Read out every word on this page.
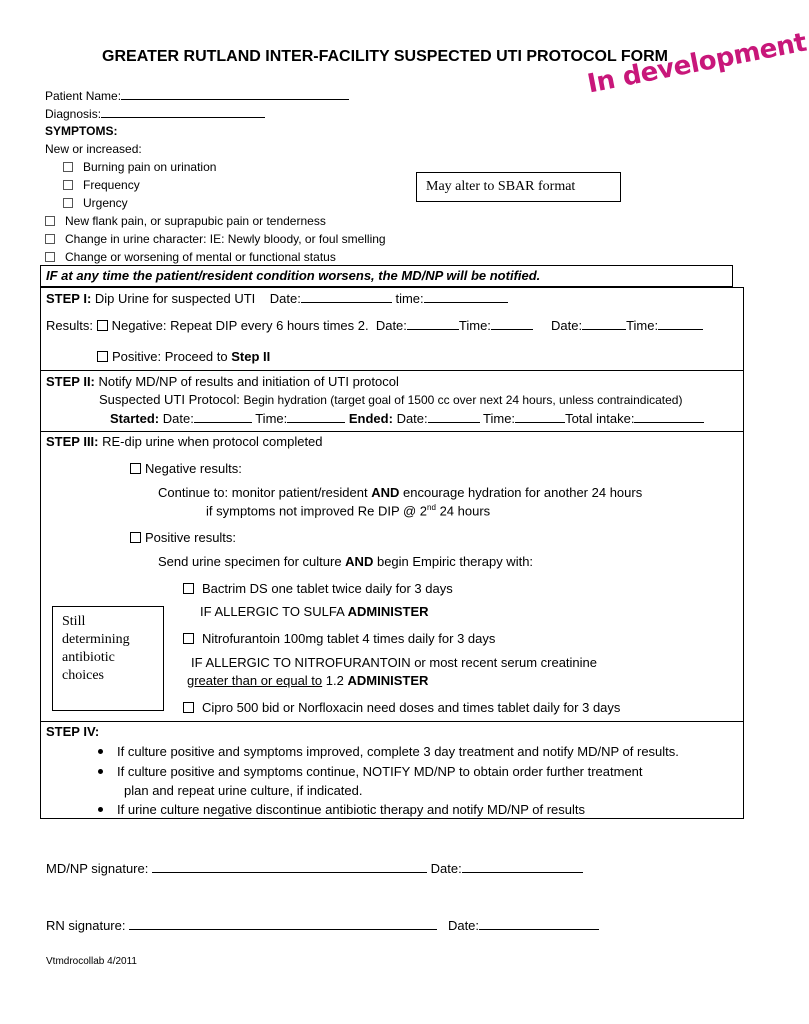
GREATER RUTLAND INTER-FACILITY SUSPECTED UTI PROTOCOL FORM
In development
Patient Name:
Diagnosis:
SYMPTOMS:
New or increased:
Burning pain on urination
Frequency
Urgency
New flank pain, or suprapubic pain or tenderness
Change in urine character: IE: Newly bloody, or foul smelling
Change or worsening of mental or functional status
May alter to SBAR format
IF at any time the patient/resident condition worsens, the MD/NP will be notified.
STEP I: Dip Urine for suspected UTI Date:	time:
Results: Negative: Repeat DIP every 6 hours times 2. Date:	Time:	Date:	Time:
Positive: Proceed to Step II
STEP II: Notify MD/NP of results and initiation of UTI protocol
Suspected UTI Protocol: Begin hydration (target goal of 1500 cc over next 24 hours, unless contraindicated)
Started: Date:	Time:	Ended: Date:	Time:	Total intake:
STEP III: RE-dip urine when protocol completed
Negative results:
Continue to: monitor patient/resident AND encourage hydration for another 24 hours
if symptoms not improved Re DIP @ 2nd 24 hours
Positive results:
Send urine specimen for culture AND begin Empiric therapy with:
Bactrim DS one tablet twice daily for 3 days
IF ALLERGIC TO SULFA ADMINISTER
Nitrofurantoin 100mg tablet 4 times daily for 3 days
IF ALLERGIC TO NITROFURANTOIN or most recent serum creatinine
greater than or equal to 1.2 ADMINISTER
Cipro 500 bid or Norfloxacin need doses and times tablet daily for 3 days
Still determining antibiotic choices
STEP IV:
If culture positive and symptoms improved, complete 3 day treatment and notify MD/NP of results.
If culture positive and symptoms continue, NOTIFY MD/NP to obtain order further treatment
plan and repeat urine culture, if indicated.
If urine culture negative discontinue antibiotic therapy and notify MD/NP of results
MD/NP signature:	Date:
RN signature:	Date:
Vtmdrocollab 4/2011
